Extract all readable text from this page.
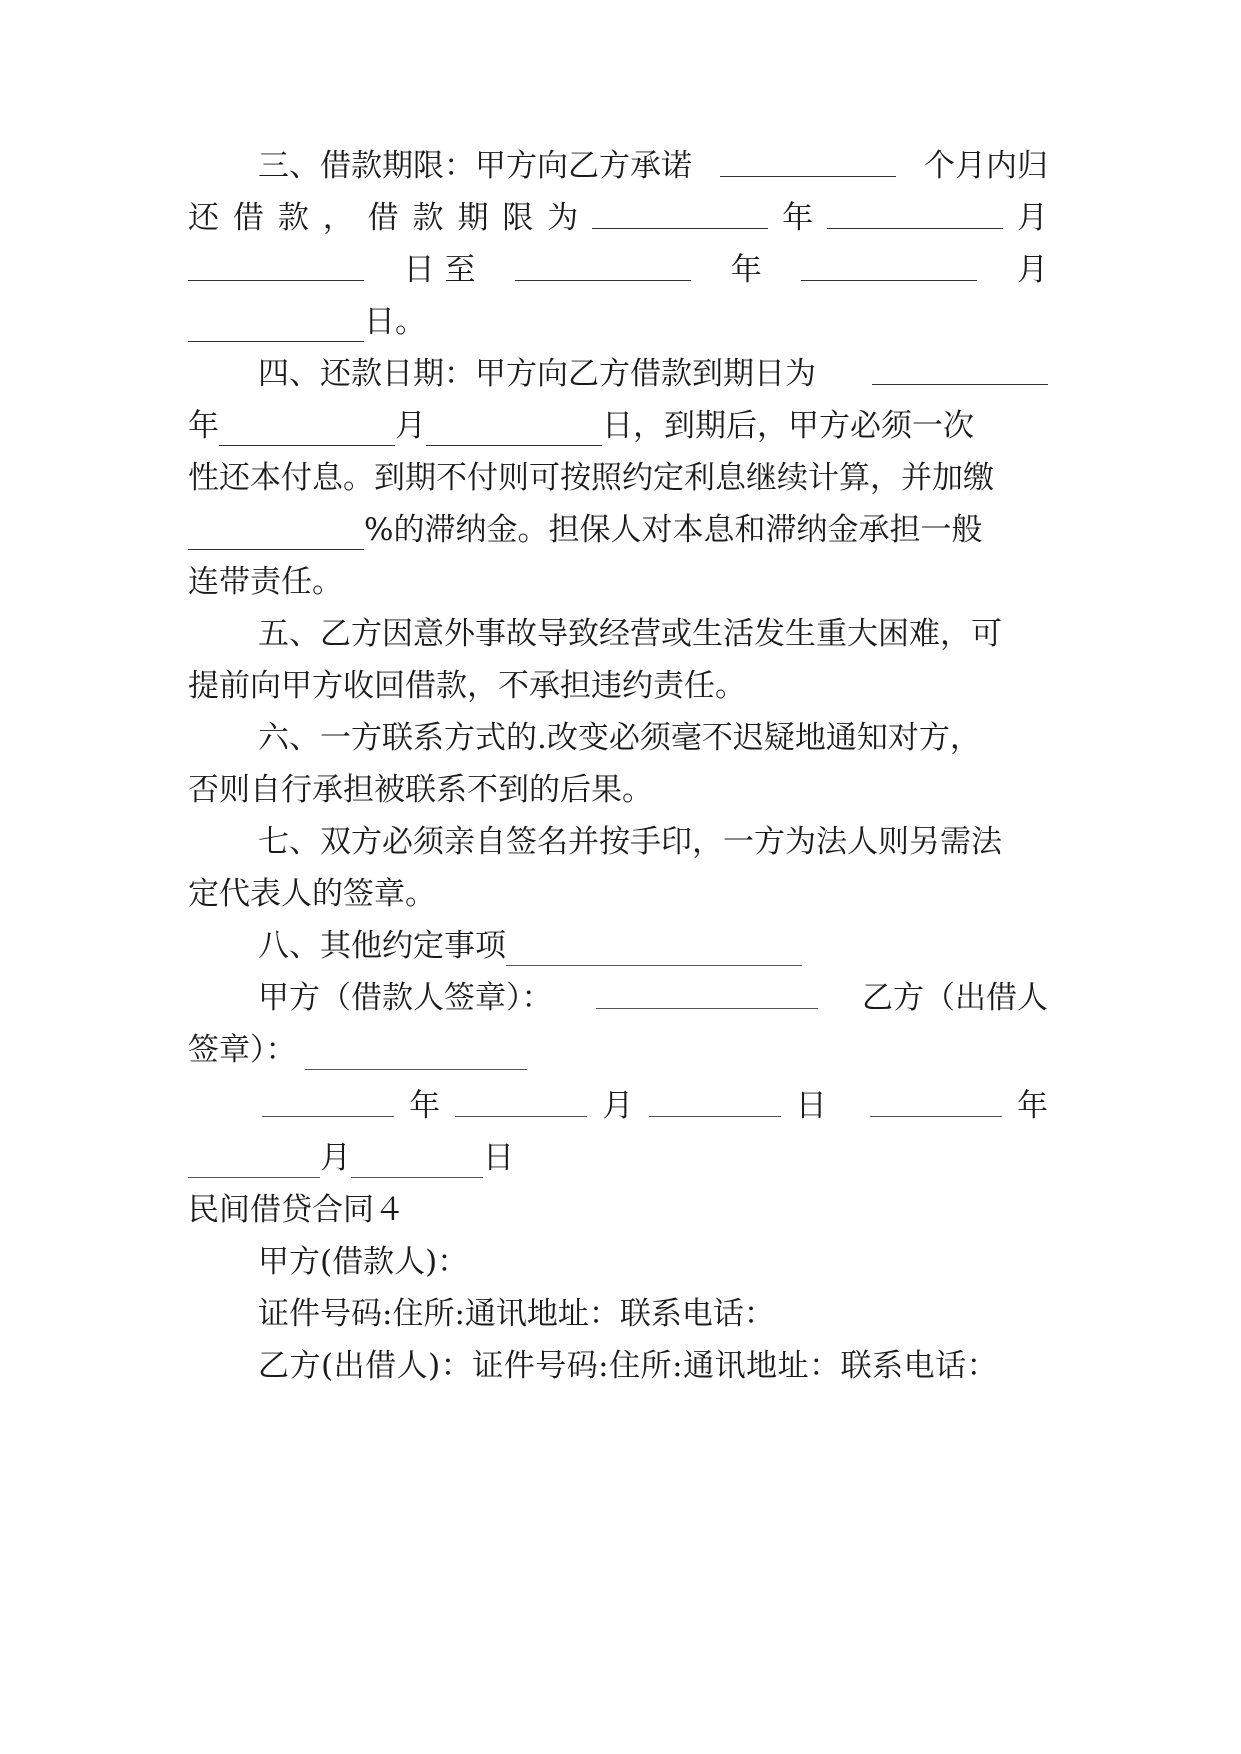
三、借款期限：甲方向乙方承诺	个月内归
还 借 款 ， 借 款 期 限 为	年	月
日 至	年	月
日。
四、还款日期：甲方向乙方借款到期日为
年	月	日，到期后，甲方必须一次
性还本付息。到期不付则可按照约定利息继续计算，并加缴
%的滞纳金。担保人对本息和滞纳金承担一般
连带责任。
五、乙方因意外事故导致经营或生活发生重大困难，可
提前向甲方收回借款，不承担违约责任。
六、一方联系方式的.改变必须毫不迟疑地通知对方，
否则自行承担被联系不到的后果。
七、双方必须亲自签名并按手印，一方为法人则另需法
定代表人的签章。
八、其他约定事项
甲方（借款人签章）：	乙方（出借人
签章）：
年	月	日	年
月	日
民间借贷合同４
甲方(借款人)：
证件号码:住所:通讯地址：联系电话：
乙方(出借人)：证件号码:住所:通讯地址：联系电话：
